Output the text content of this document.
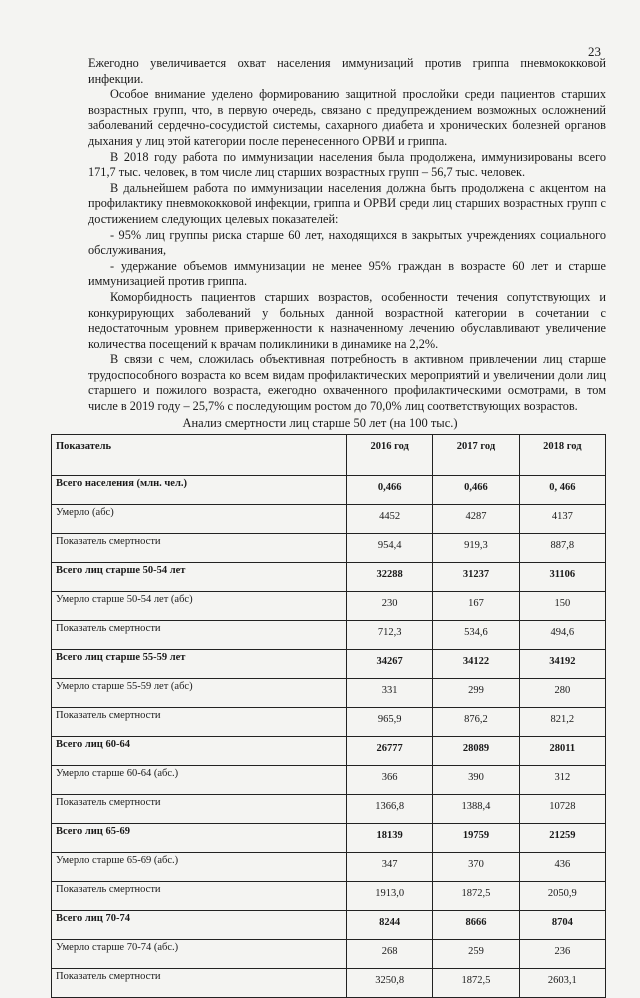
23

Ежегодно увеличивается охват населения иммунизаций против гриппа пневмококковой инфекции.

Особое внимание уделено формированию защитной прослойки среди пациентов старших возрастных групп, что, в первую очередь, связано с предупреждением возможных осложнений заболеваний сердечно-сосудистой системы, сахарного диабета и хронических болезней органов дыхания у лиц этой категории после перенесенного ОРВИ и гриппа.

В 2018 году работа по иммунизации населения была продолжена, иммунизированы всего 171,7 тыс. человек, в том числе лиц старших возрастных групп – 56,7 тыс. человек.

В дальнейшем работа по иммунизации населения должна быть продолжена с акцентом на профилактику пневмококковой инфекции, гриппа и ОРВИ среди лиц старших возрастных групп с достижением следующих целевых показателей:

- 95% лиц группы риска старше 60 лет, находящихся в закрытых учреждениях социального обслуживания,

- удержание объемов иммунизации не менее 95% граждан в возрасте 60 лет и старше иммунизацией против гриппа.

Коморбидность пациентов старших возрастов, особенности течения сопутствующих и конкурирующих заболеваний у больных данной возрастной категории в сочетании с недостаточным уровнем приверженности к назначенному лечению обуславливают увеличение количества посещений к врачам поликлиники в динамике на 2,2%.

В связи с чем, сложилась объективная потребность в активном привлечении лиц старше трудоспособного возраста ко всем видам профилактических мероприятий и увеличении доли лиц старшего и пожилого возраста, ежегодно охваченного профилактическими осмотрами, в том числе в 2019 году – 25,7% с последующим ростом до 70,0% лиц соответствующих возрастов.

Анализ смертности лиц старше 50 лет (на 100 тыс.)
Показатель	2016 год	2017 год	2018 год
Всего населения (млн. чел.)	0,466	0,466	0, 466
Умерло (абс)	4452	4287	4137
Показатель смертности	954,4	919,3	887,8
Всего лиц старше 50-54 лет	32288	31237	31106
Умерло старше 50-54 лет (абс)	230	167	150
Показатель смертности	712,3	534,6	494,6
Всего лиц старше 55-59 лет	34267	34122	34192
Умерло старше 55-59 лет (абс)	331	299	280
Показатель смертности	965,9	876,2	821,2
Всего лиц 60-64	26777	28089	28011
Умерло старше 60-64 (абс.)	366	390	312
Показатель смертности	1366,8	1388,4	10728
Всего лиц 65-69	18139	19759	21259
Умерло старше 65-69 (абс.)	347	370	436
Показатель смертности	1913,0	1872,5	2050,9
Всего лиц 70-74	8244	8666	8704
Умерло старше 70-74 (абс.)	268	259	236
Показатель смертности	3250,8	1872,5	2603,1
